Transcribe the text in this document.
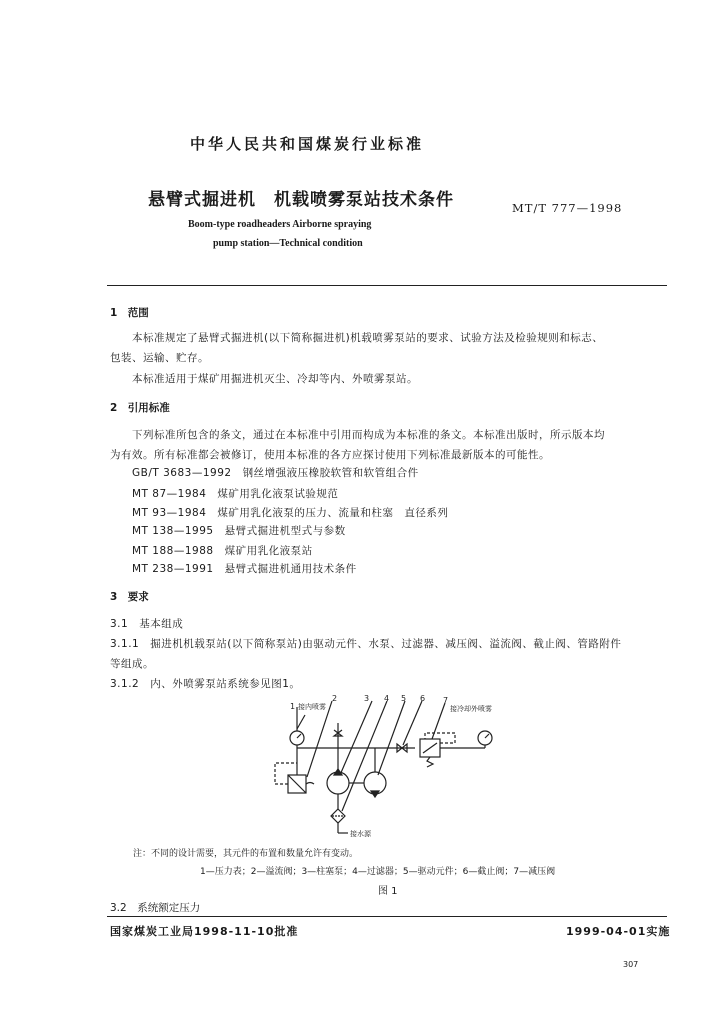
中华人民共和国煤炭行业标准
悬臂式掘进机　机载喷雾泵站技术条件	MT/T 777—1998
Boom-type roadheaders Airborne spraying
pump station—Technical condition
1　范围
本标准规定了悬臂式掘进机(以下简称掘进机)机载喷雾泵站的要求、试验方法及检验规则和标志、
包装、运输、贮存。
本标准适用于煤矿用掘进机灭尘、冷却等内、外喷雾泵站。
2　引用标准
下列标准所包含的条文，通过在本标准中引用而构成为本标准的条文。本标准出版时，所示版本均
为有效。所有标准都会被修订，使用本标准的各方应探讨使用下列标准最新版本的可能性。
GB/T 3683—1992　钢丝增强液压橡胶软管和软管组合件
MT 87—1984　煤矿用乳化液泵试验规范
MT 93—1984　煤矿用乳化液泵的压力、流量和柱塞　直径系列
MT 138—1995　悬臂式掘进机型式与参数
MT 188—1988　煤矿用乳化液泵站
MT 238—1991　悬臂式掘进机通用技术条件
3　要求
3.1　基本组成
3.1.1　掘进机机载泵站(以下简称泵站)由驱动元件、水泵、过滤器、减压阀、溢流阀、截止阀、管路附件
等组成。
3.1.2　内、外喷雾泵站系统参见图1。
1
2	3 4 5 6 7
接内喷雾	接冷却外喷雾
接水源
注：不同的设计需要，其元件的布置和数量允许有变动。
1—压力表；2—溢流阀；3—柱塞泵；4—过滤器；5—驱动元件；6—截止阀；7—减压阀
图 1
3.2　系统额定压力
国家煤炭工业局1998-11-10批准	1999-04-01实施
307
